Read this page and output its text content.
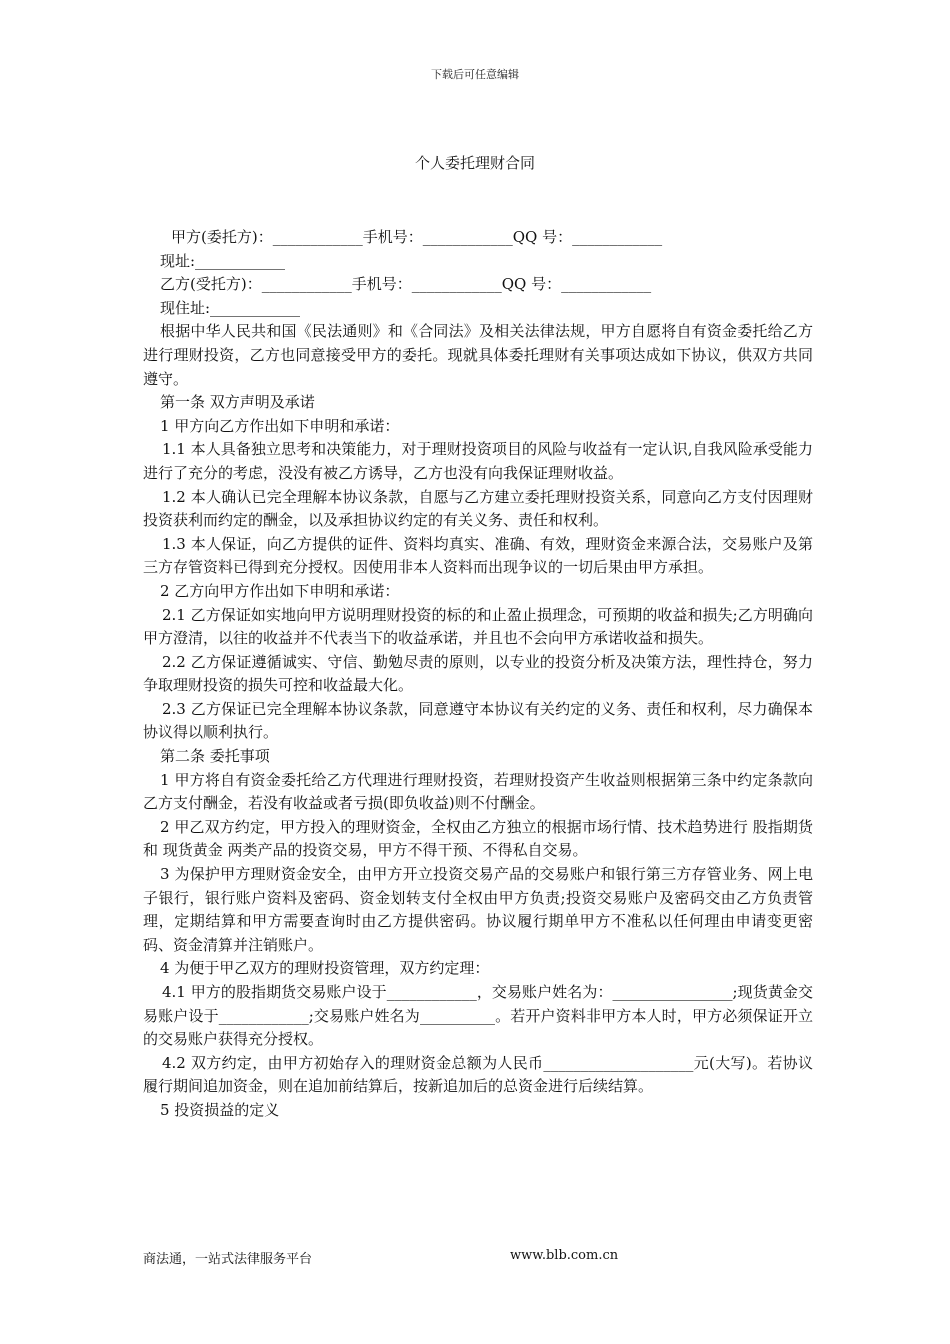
下载后可任意编辑
个人委托理财合同
甲方(委托方)：____________手机号：____________QQ 号：____________
现址:____________
乙方(受托方)：____________手机号：____________QQ 号：____________
现住址:____________
根据中华人民共和国《民法通则》和《合同法》及相关法律法规，甲方自愿将自有资金委托给乙方进行理财投资，乙方也同意接受甲方的委托。现就具体委托理财有关事项达成如下协议，供双方共同遵守。
第一条 双方声明及承诺
1 甲方向乙方作出如下申明和承诺：
1.1 本人具备独立思考和决策能力，对于理财投资项目的风险与收益有一定认识,自我风险承受能力进行了充分的考虑，没没有被乙方诱导，乙方也没有向我保证理财收益。
1.2 本人确认已完全理解本协议条款，自愿与乙方建立委托理财投资关系，同意向乙方支付因理财投资获利而约定的酬金，以及承担协议约定的有关义务、责任和权利。
1.3 本人保证，向乙方提供的证件、资料均真实、准确、有效，理财资金来源合法，交易账户及第三方存管资料已得到充分授权。因使用非本人资料而出现争议的一切后果由甲方承担。
2 乙方向甲方作出如下申明和承诺：
2.1 乙方保证如实地向甲方说明理财投资的标的和止盈止损理念，可预期的收益和损失;乙方明确向甲方澄清，以往的收益并不代表当下的收益承诺，并且也不会向甲方承诺收益和损失。
2.2 乙方保证遵循诚实、守信、勤勉尽责的原则，以专业的投资分析及决策方法，理性持仓，努力争取理财投资的损失可控和收益最大化。
2.3 乙方保证已完全理解本协议条款，同意遵守本协议有关约定的义务、责任和权利，尽力确保本协议得以顺利执行。
第二条 委托事项
1 甲方将自有资金委托给乙方代理进行理财投资，若理财投资产生收益则根据第三条中约定条款向乙方支付酬金，若没有收益或者亏损(即负收益)则不付酬金。
2 甲乙双方约定，甲方投入的理财资金，全权由乙方独立的根据市场行情、技术趋势进行 股指期货 和 现货黄金 两类产品的投资交易，甲方不得干预、不得私自交易。
3 为保护甲方理财资金安全，由甲方开立投资交易产品的交易账户和银行第三方存管业务、网上电子银行，银行账户资料及密码、资金划转支付全权由甲方负责;投资交易账户及密码交由乙方负责管理，定期结算和甲方需要查询时由乙方提供密码。协议履行期单甲方不准私以任何理由申请变更密码、资金清算并注销账户。
4 为便于甲乙双方的理财投资管理，双方约定理：
4.1 甲方的股指期货交易账户设于____________，交易账户姓名为：________________;现货黄金交易账户设于____________;交易账户姓名为__________。若开户资料非甲方本人时，甲方必须保证开立的交易账户获得充分授权。
4.2 双方约定，由甲方初始存入的理财资金总额为人民币____________________元(大写)。若协议履行期间追加资金，则在追加前结算后，按新追加后的总资金进行后续结算。
5 投资损益的定义
商法通，一站式法律服务平台	www.blb.com.cn
